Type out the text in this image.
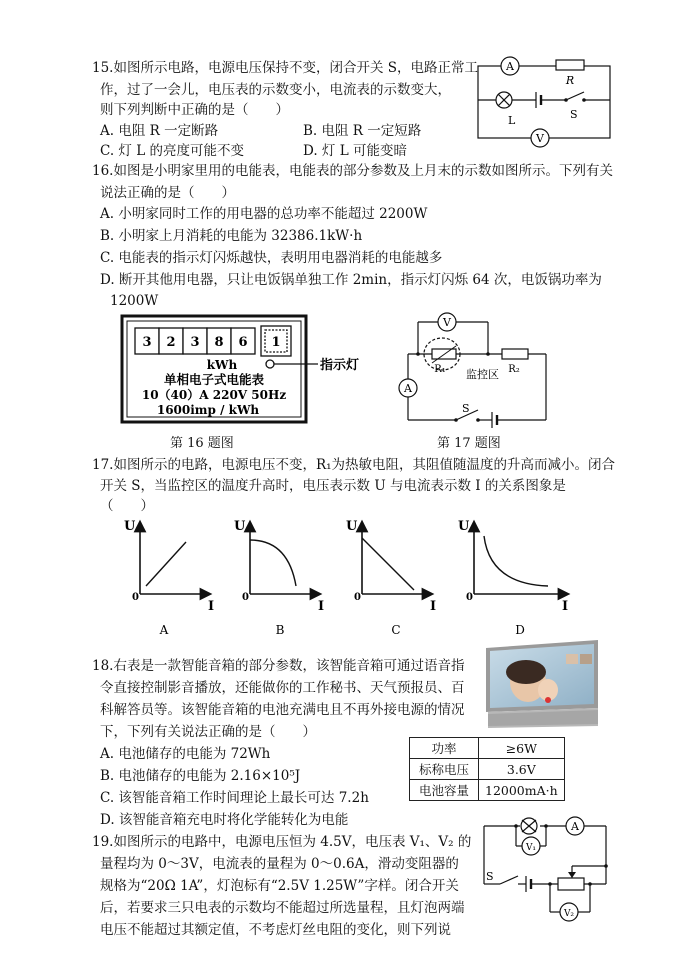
15.如图所示电路，电源电压保持不变，闭合开关 S，电路正常工
作，过了一会儿，电压表的示数变小，电流表的示数变大，
则下列判断中正确的是（　　）
A. 电阻 R 一定断路	B. 电阻 R 一定短路
C. 灯 L 的亮度可能不变	D. 灯 L 可能变暗
A
R
L	S
V
16.如图是小明家里用的电能表，电能表的部分参数及上月末的示数如图所示。下列有关
说法正确的是（　　）
A. 小明家同时工作的用电器的总功率不能超过 2200W
B. 小明家上月消耗的电能为 32386.1kW·h
C. 电能表的指示灯闪烁越快，表明用电器消耗的电能越多
D. 断开其他用电器，只让电饭锅单独工作 2min，指示灯闪烁 64 次，电饭锅功率为
1200W
3 2 3 8 6 1
kWh
单相电子式电能表
10（40）A 220V 50Hz
1600imp / kWh
指示灯
第 16 题图
V
A
R₁	R₂
监控区
S
第 17 题图
17.如图所示的电路，电源电压不变，R₁为热敏电阻，其阻值随温度的升高而减小。闭合
开关 S，当监控区的温度升高时，电压表示数 U 与电流表示数 I 的关系图象是
（　　）
U
0
I
U
0
I
U
0
I
U
0
I
A	B	C	D
18.右表是一款智能音箱的部分参数，该智能音箱可通过语音指
令直接控制影音播放，还能做你的工作秘书、天气预报员、百
科解答员等。该智能音箱的电池充满电且不再外接电源的情况
下，下列有关说法正确的是（　　）
A. 电池储存的电能为 72Wh
B. 电池储存的电能为 2.16×10⁵J
C. 该智能音箱工作时间理论上最长可达 7.2h
D. 该智能音箱充电时将化学能转化为电能
功率	≥6W
标称电压	3.6V
电池容量	12000mA·h
19.如图所示的电路中，电源电压恒为 4.5V，电压表 V₁、V₂ 的
量程均为 0～3V，电流表的量程为 0～0.6A，滑动变阻器的
规格为“20Ω 1A”，灯泡标有“2.5V 1.25W”字样。闭合开关
后，若要求三只电表的示数均不能超过所选量程，且灯泡两端
电压不能超过其额定值，不考虑灯丝电阻的变化，则下列说
A
V₁
V₂
S
